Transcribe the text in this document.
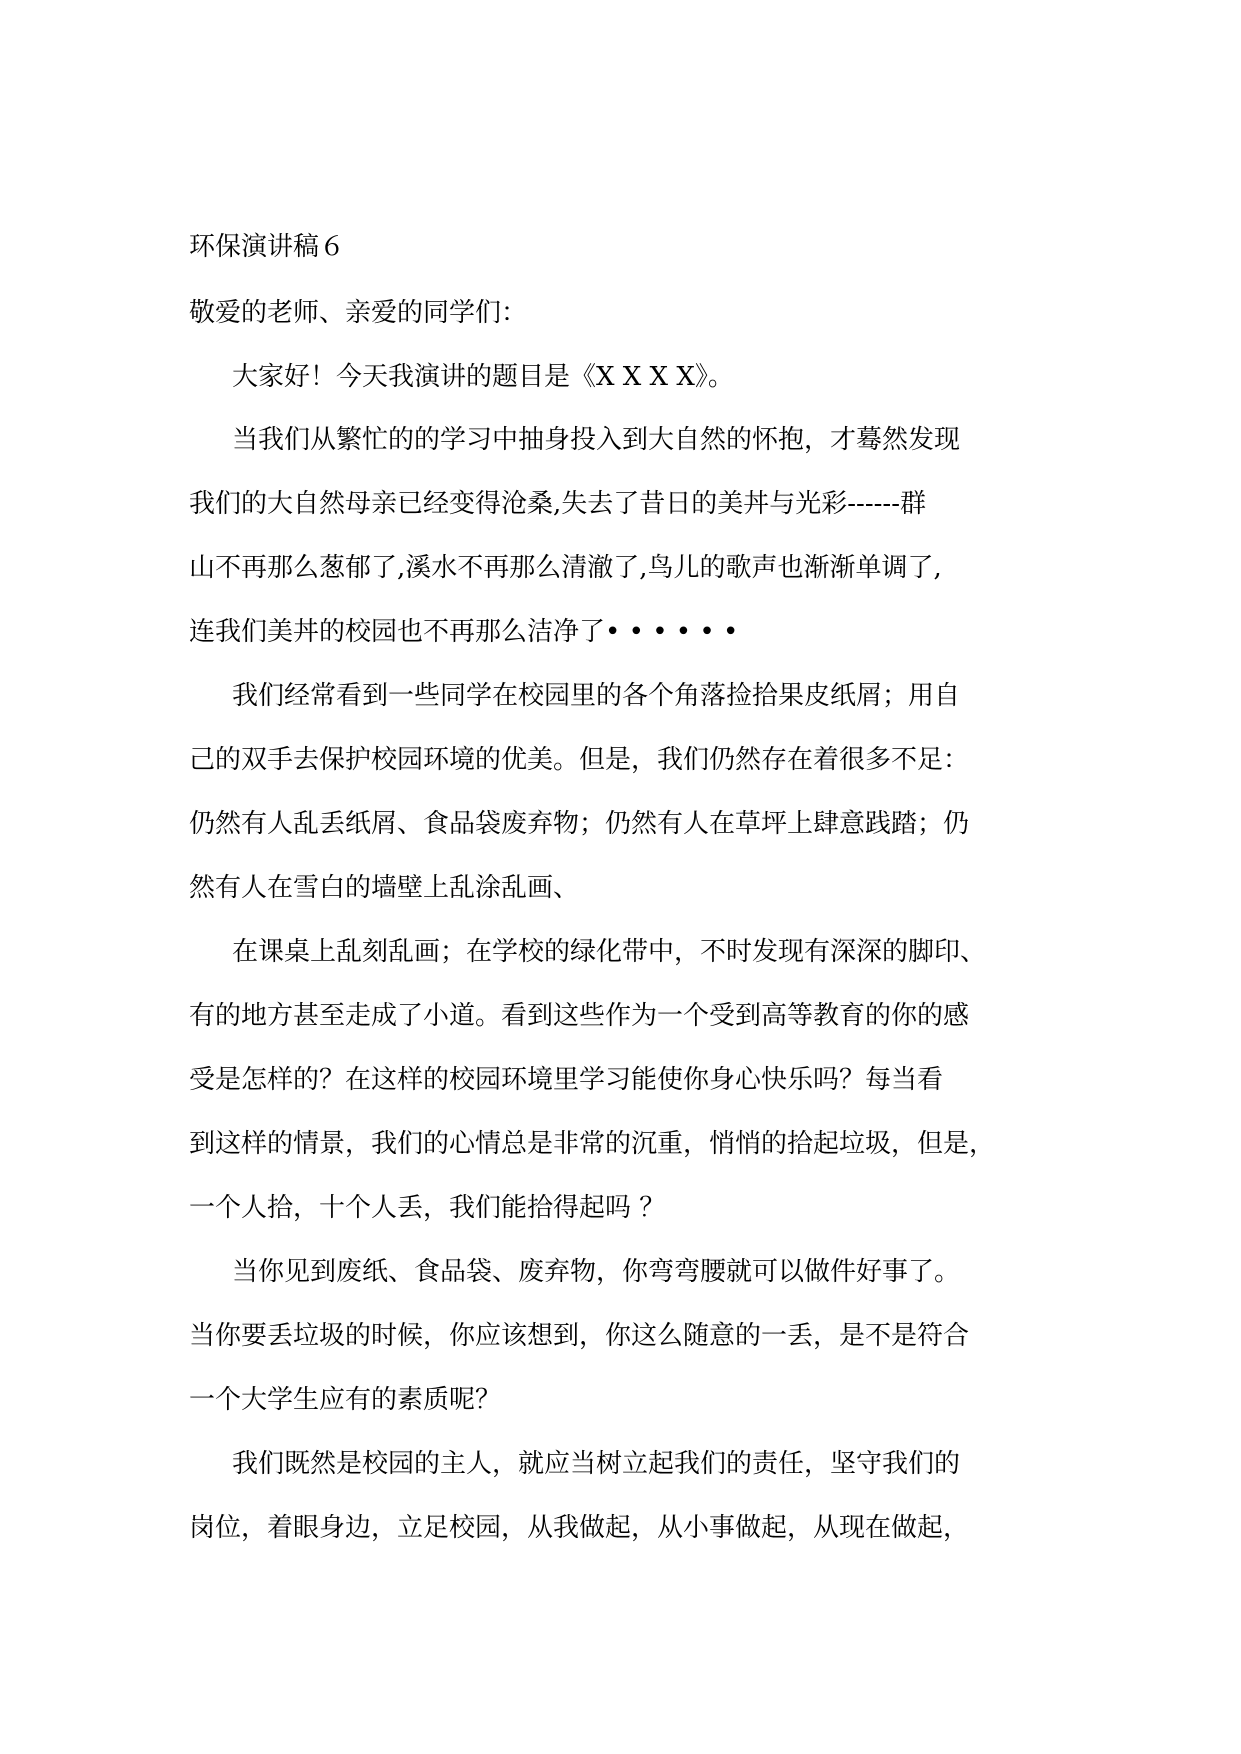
环保演讲稿６
敬爱的老师、亲爱的同学们：
大家好！今天我演讲的题目是《X X X X》。
当我们从繁忙的的学习中抽身投入到大自然的怀抱，才蓦然发现
我们的大自然母亲已经变得沧桑,失去了昔日的美丼与光彩------群
山不再那么葱郁了,溪水不再那么清澈了,鸟儿的歌声也渐渐单调了,
连我们美丼的校园也不再那么洁净了• • • • • •
我们经常看到一些同学在校园里的各个角落捡拾果皮纸屑；用自
己的双手去保护校园环境的优美。但是，我们仍然存在着很多不足：
仍然有人乱丢纸屑、食品袋废弃物；仍然有人在草坪上肆意践踏；仍
然有人在雪白的墙壁上乱涂乱画、
在课桌上乱刻乱画；在学校的绿化带中，不时发现有深深的脚印、
有的地方甚至走成了小道。看到这些作为一个受到高等教育的你的感
受是怎样的？在这样的校园环境里学习能使你身心快乐吗？每当看
到这样的情景，我们的心情总是非常的沉重，悄悄的拾起垃圾，但是，
一个人拾，十个人丢，我们能拾得起吗 ？
当你见到废纸、食品袋、废弃物，你弯弯腰就可以做件好事了。
当你要丢垃圾的时候，你应该想到，你这么随意的一丢，是不是符合
一个大学生应有的素质呢？
我们既然是校园的主人，就应当树立起我们的责任，坚守我们的
岗位，着眼身边，立足校园，从我做起，从小事做起，从现在做起，
